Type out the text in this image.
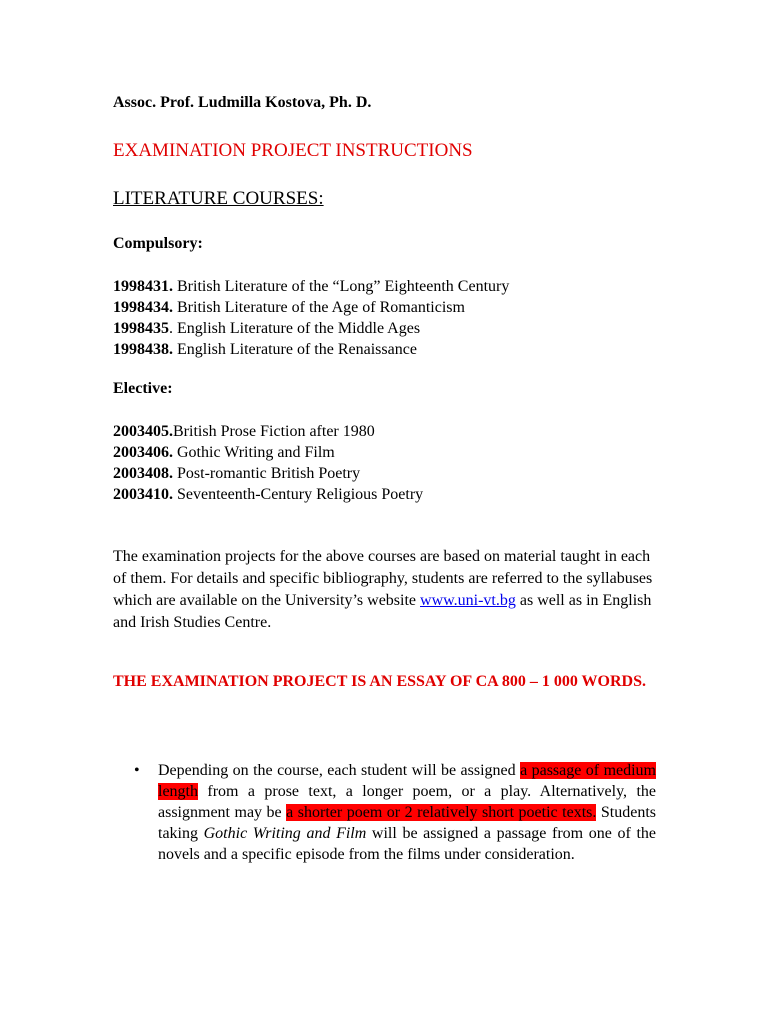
Assoc. Prof. Ludmilla Kostova, Ph. D.
EXAMINATION PROJECT INSTRUCTIONS
LITERATURE COURSES:
Compulsory:
1998431. British Literature of the “Long” Eighteenth Century
1998434. British Literature of the Age of Romanticism
1998435. English Literature of the Middle Ages
1998438. English Literature of the Renaissance
Elective:
2003405.British Prose Fiction after 1980
2003406. Gothic Writing and Film
2003408. Post-romantic British Poetry
2003410. Seventeenth-Century Religious Poetry
The examination projects for the above courses are based on material taught in each of them. For details and specific bibliography, students are referred to the syllabuses which are available on the University’s website www.uni-vt.bg as well as in English and Irish Studies Centre.
THE EXAMINATION PROJECT IS AN ESSAY OF CA 800 – 1 000 WORDS.
• Depending on the course, each student will be assigned a passage of medium length from a prose text, a longer poem, or a play. Alternatively, the assignment may be a shorter poem or 2 relatively short poetic texts. Students taking Gothic Writing and Film will be assigned a passage from one of the novels and a specific episode from the films under consideration.
